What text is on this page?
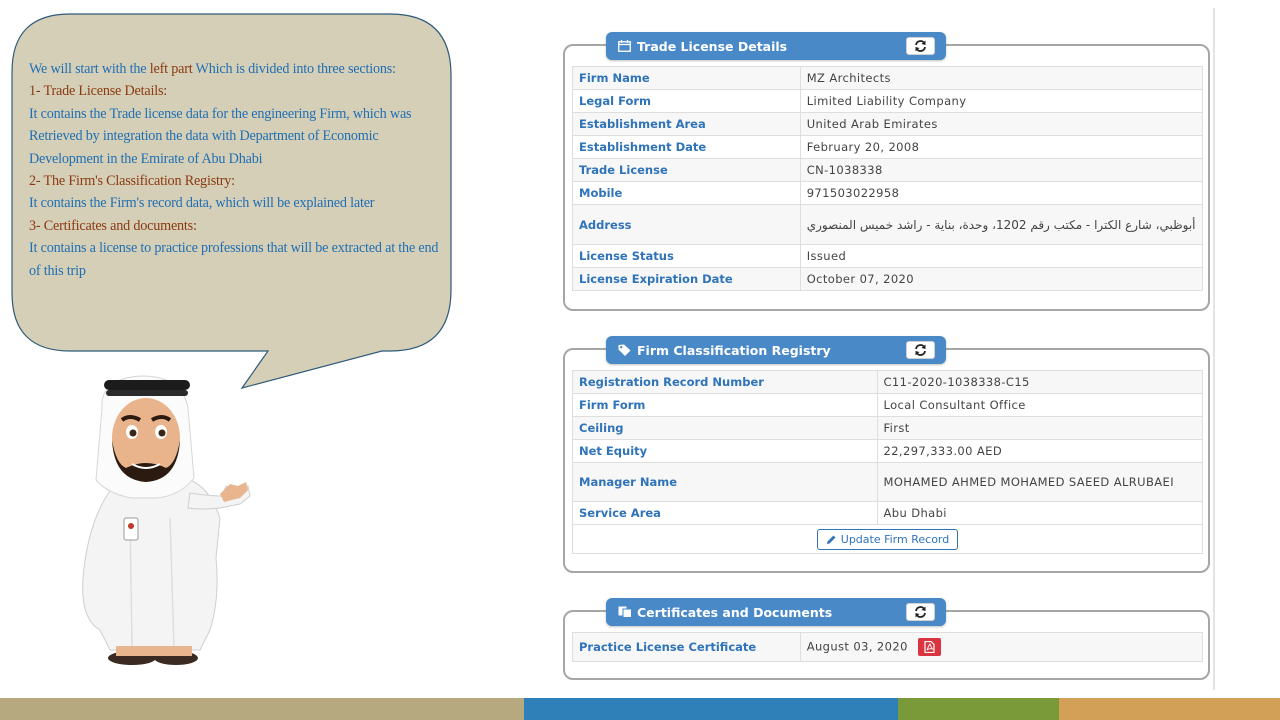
We will start with the left part Which is divided into three sections:
1- Trade License Details:
It contains the Trade license data for the engineering Firm, which was Retrieved by integration the data with Department of Economic Development in the Emirate of Abu Dhabi
2- The Firm's Classification Registry:
It contains the Firm's record data, which will be explained later
3- Certificates and documents:
It contains a license to practice professions that will be extracted at the end of this trip
Trade License Details
Firm Name	MZ Architects
Legal Form	Limited Liability Company
Establishment Area	United Arab Emirates
Establishment Date	February 20, 2008
Trade License	CN-1038338
Mobile	971503022958
Address	أبوظبي، شارع الكترا - مكتب رقم 1202، وحدة، بناية - راشد خميس المنصوري
License Status	Issued
License Expiration Date	October 07, 2020
Firm Classification Registry
Registration Record Number	C11-2020-1038338-C15
Firm Form	Local Consultant Office
Ceiling	First
Net Equity	22,297,333.00 AED
Manager Name	MOHAMED AHMED MOHAMED SAEED ALRUBAEI
Service Area	Abu Dhabi

Update Firm Record	
Certificates and Documents
Practice License Certificate	August 03, 2020
